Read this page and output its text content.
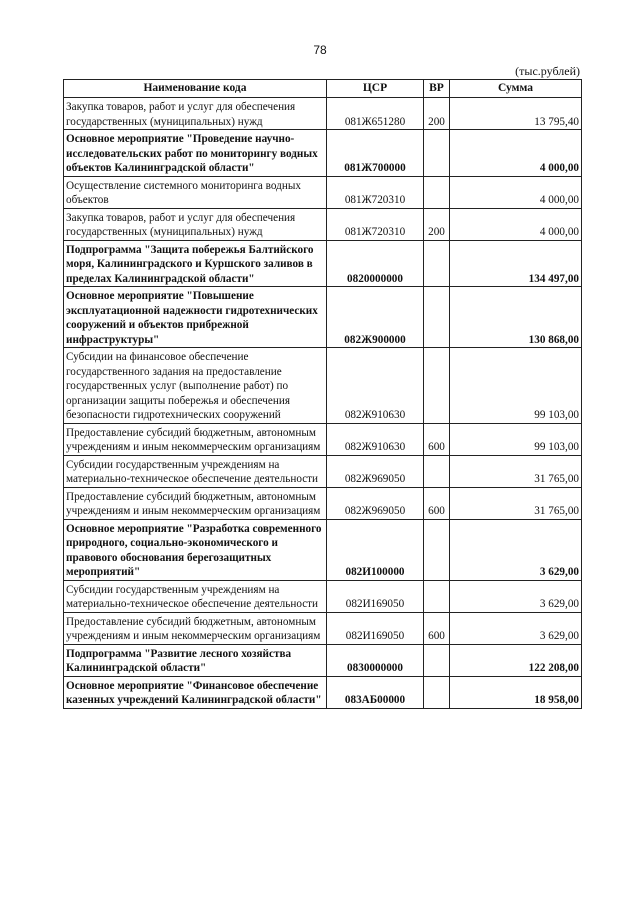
78
(тыс.рублей)
Наименование кода	ЦСР	ВР	Сумма
Закупка товаров, работ и услуг для обеспечения государственных (муниципальных) нужд	081Ж651280	200	13 795,40
Основное мероприятие "Проведение научно-исследовательских работ по мониторингу водных объектов Калининградской области"	081Ж700000		4 000,00
Осуществление системного мониторинга водных объектов	081Ж720310		4 000,00
Закупка товаров, работ и услуг для обеспечения государственных (муниципальных) нужд	081Ж720310	200	4 000,00
Подпрограмма "Защита побережья Балтийского моря, Калининградского и Куршского заливов в пределах Калининградской области"	0820000000		134 497,00
Основное мероприятие "Повышение эксплуатационной надежности гидротехнических сооружений и объектов прибрежной инфраструктуры"	082Ж900000		130 868,00
Субсидии на финансовое обеспечение государственного задания на предоставление государственных услуг (выполнение работ) по организации защиты побережья и обеспечения безопасности гидротехнических сооружений	082Ж910630		99 103,00
Предоставление субсидий бюджетным, автономным учреждениям и иным некоммерческим организациям	082Ж910630	600	99 103,00
Субсидии государственным учреждениям на материально-техническое обеспечение деятельности	082Ж969050		31 765,00
Предоставление субсидий бюджетным, автономным учреждениям и иным некоммерческим организациям	082Ж969050	600	31 765,00
Основное мероприятие "Разработка современного природного, социально-экономического и правового обоснования берегозащитных мероприятий"	082И100000		3 629,00
Субсидии государственным учреждениям на материально-техническое обеспечение деятельности	082И169050		3 629,00
Предоставление субсидий бюджетным, автономным учреждениям и иным некоммерческим организациям	082И169050	600	3 629,00
Подпрограмма "Развитие лесного хозяйства Калининградской области"	0830000000		122 208,00
Основное мероприятие "Финансовое обеспечение казенных учреждений Калининградской области"	083АБ00000		18 958,00
